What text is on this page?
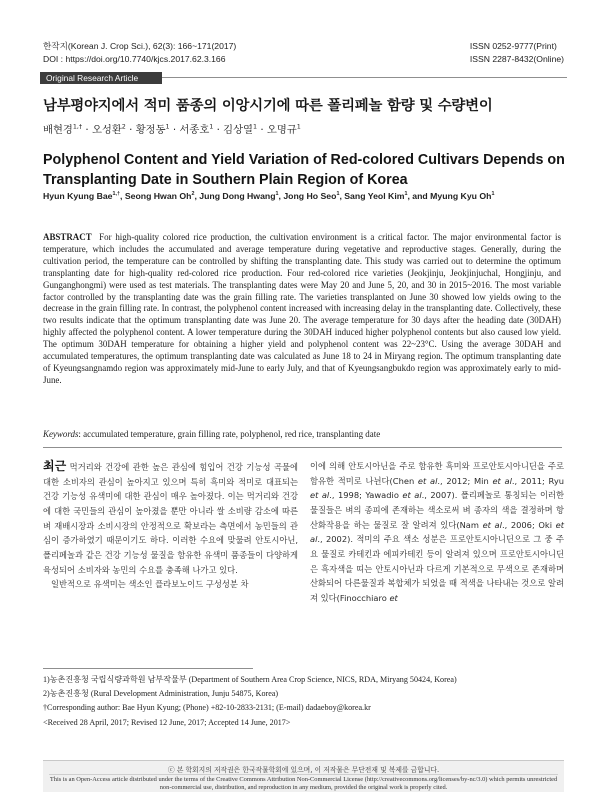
한작지(Korean J. Crop Sci.), 62(3): 166~171(2017)
DOI : https://doi.org/10.7740/kjcs.2017.62.3.166
ISSN 0252-9777(Print)
ISSN 2287-8432(Online)
Original Research Article
남부평야지에서 적미 품종의 이앙시기에 따른 폴리페놀 함량 및 수량변이
배현경$^{1,\dagger}$ · 오성환$^2$ · 황정동$^1$ · 서종호$^1$ · 김상열$^1$ · 오명규$^1$
Polyphenol Content and Yield Variation of Red-colored Cultivars Depends on Transplanting Date in Southern Plain Region of Korea
Hyun Kyung Bae$^{1,\dagger}$, Seong Hwan Oh$^2$, Jung Dong Hwang$^1$, Jong Ho Seo$^1$, Sang Yeol Kim$^1$, and Myung Kyu Oh$^1$
ABSTRACT For high-quality colored rice production, the cultivation environment is a critical factor. The major environmental factor is temperature, which includes the accumulated and average temperature during vegetative and reproductive stages. Generally, during the cultivation period, the temperature can be controlled by shifting the transplanting date. This study was carried out to determine the optimum transplanting date for high-quality red-colored rice production. Four red-colored rice varieties (Jeokjinju, Jeokjinjuchal, Hongjinju, and Gunganghongmi) were used as test materials. The transplanting dates were May 20 and June 5, 20, and 30 in 2015~2016. The most variable factor controlled by the transplanting date was the grain filling rate. The varieties transplanted on June 30 showed low yields owing to the decrease in the grain filling rate. In contrast, the polyphenol content increased with increasing delay in the transplanting date. Collectively, these two results indicate that the optimum transplanting date was June 20. The average temperature for 30 days after the heading date (30DAH) highly affected the polyphenol content. A lower temperature during the 30DAH induced higher polyphenol contents but also caused low yield. The optimum 30DAH temperature for obtaining a higher yield and polyphenol content was 22~23°C. Using the average 30DAH and accumulated temperatures, the optimum transplanting date was calculated as June 18 to 24 in Miryang region. The optimum transplanting date of Kyeungsangnamdo region was approximately mid-June to early July, and that of Kyeungsangbukdo region was approximately early to mid-June.
Keywords: accumulated temperature, grain filling rate, polyphenol, red rice, transplanting date

최근 먹거리와 건강에 관한 높은 관심에 힘입어 건강 기능성 곡물에 대한 소비자의 관심이 높아지고 있으며 특히 흑미와 적미로 대표되는 건강 기능성 유색미에 대한 관심이 매우 높아졌다. 이는 먹거리와 건강에 대한 국민들의 관심이 높아졌을 뿐만 아니라 쌀 소비량 감소에 따른 벼 재배시장과 소비시장의 안정적으로 확보라는 측면에서 농민들의 관심이 증가하였기 때문이기도 하다. 이러한 수요에 맞물려 안토시아닌, 폴리페놀과 같은 건강 기능성 물질을 함유한 유색미 품종들이 다양하게 육성되어 소비자와 농민의 수요를 충족해 나가고 있다.

일반적으로 유색미는 색소인 플라보노이드 구성성분 차

이에 의해 안토시아닌을 주로 함유한 흑미와 프로안토시아니딘을 주로 함유한 적미로 나뉜다(Chen et al., 2012; Min et al., 2011; Ryu et al., 1998; Yawadio et al., 2007). 폴리페놀로 통칭되는 이러한 물질들은 벼의 종피에 존재하는 색소로써 벼 종자의 색을 결정하며 항산화작용을 하는 물질로 잘 알려져 있다(Nam et al., 2006; Oki et al., 2002). 적미의 주요 색소 성분은 프로안토시아니딘으로 그 중 주요 물질로 카테킨과 에피카테킨 등이 알려져 있으며 프로안토시아니딘은 흑자색을 띠는 안토시아닌과 다르게 기본적으로 무색으로 존재하며 산화되어 다른물질과 복합체가 되었을 때 적색을 나타내는 것으로 알려져 있다(Finocchiaro et

1)농촌진흥청 국립식량과학원 남부작물부 (Department of Southern Area Crop Science, NICS, RDA, Miryang 50424, Korea)
2)농촌진흥청 (Rural Development Administration, Junju 54875, Korea)
†Corresponding author: Bae Hyun Kyung; (Phone) +82-10-2833-2131; (E-mail) dadaeboy@korea.kr
<Received 28 April, 2017; Revised 12 June, 2017; Accepted 14 June, 2017>
ⓒ 본 학회지의 저작권은 한국작물학회에 있으며, 이 저작물은 무단전재 및 복제를 금합니다.
This is an Open-Access article distributed under the terms of the Creative Commons Attribution Non-Commercial License (http://creativecommons.org/licenses/by-nc/3.0) which permits unrestricted non-commercial use, distribution, and reproduction in any medium, provided the original work is properly cited.
